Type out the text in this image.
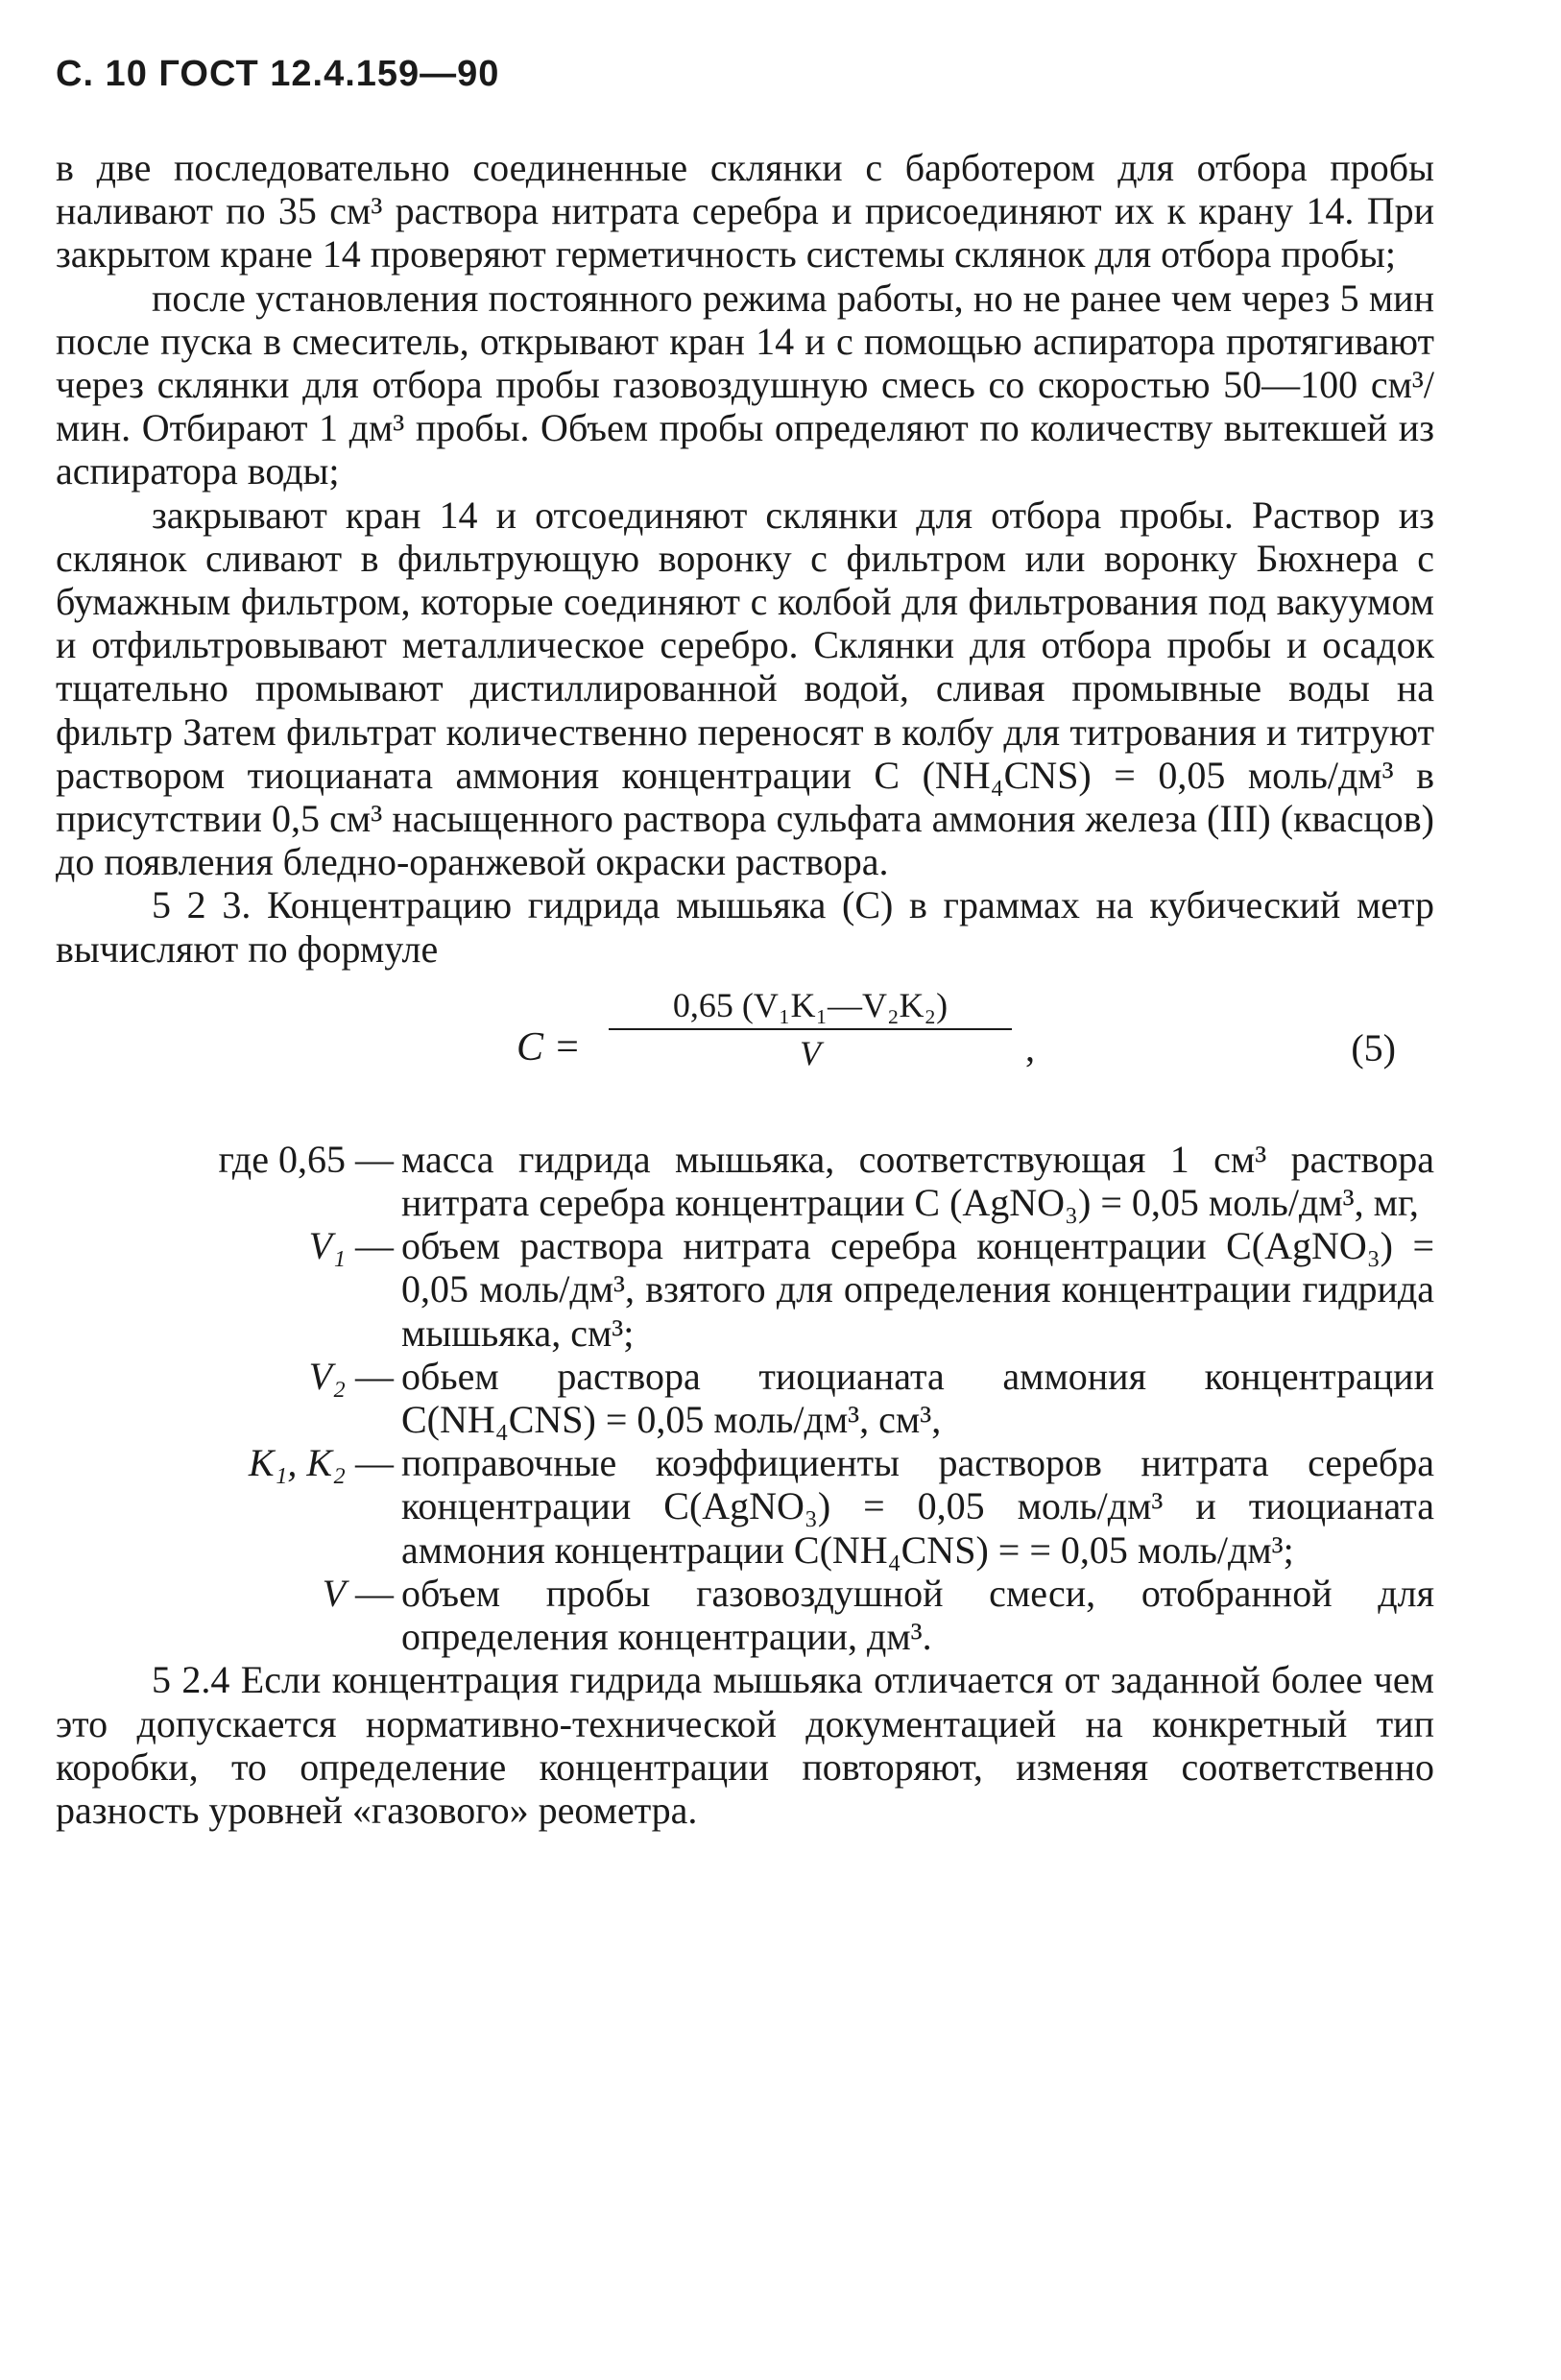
С. 10 ГОСТ 12.4.159—90

в две последовательно соединенные склянки с барботером для отбора пробы наливают по 35 см³ раствора нитрата серебра и присоединяют их к крану 14. При закрытом кране 14 проверяют герметичность системы склянок для отбора пробы;

после установления постоянного режима работы, но не ранее чем через 5 мин после пуска в смеситель, открывают кран 14 и с помощью аспиратора протягивают через склянки для отбора пробы газовоздушную смесь со скоростью 50—100 см³/мин. Отбирают 1 дм³ пробы. Объем пробы определяют по количеству вытекшей из аспиратора воды;

закрывают кран 14 и отсоединяют склянки для отбора пробы. Раствор из склянок сливают в фильтрующую воронку с фильтром или воронку Бюхнера с бумажным фильтром, которые соединяют с колбой для фильтрования под вакуумом и отфильтровывают металлическое серебро. Склянки для отбора пробы и осадок тщательно промывают дистиллированной водой, сливая промывные воды на фильтр Затем фильтрат количественно переносят в колбу для титрования и титруют раствором тиоцианата аммония концентрации C (NH₄CNS) = 0,05 моль/дм³ в присутствии 0,5 см³ насыщенного раствора сульфата аммония железа (III) (квасцов) до появления бледно-оранжевой окраски раствора.

5 2 3. Концентрацию гидрида мышьяка (C) в граммах на кубический метр вычисляют по формуле

C =
0,65 (V₁K₁—V₂K₂)
V	,	(5)
где 0,65 — масса гидрида мышьяка, соответствующая 1 см³ раствора нитрата серебра концентрации C (AgNO₃) = 0,05 моль/дм³, мг,
V₁ — объем раствора нитрата серебра концентрации C(AgNO₃) = 0,05 моль/дм³, взятого для определения концентрации гидрида мышьяка, см³;
V₂ — обьем раствора тиоцианата аммония концентрации C(NH₄CNS) = 0,05 моль/дм³, см³,
K₁, K₂ — поправочные коэффициенты растворов нитрата серебра концентрации C(AgNO₃) = 0,05 моль/дм³ и тиоцианата аммония концентрации C(NH₄CNS) = = 0,05 моль/дм³;
V — объем пробы газовоздушной смеси, отобранной для определения концентрации, дм³.

5 2.4 Если концентрация гидрида мышьяка отличается от заданной более чем это допускается нормативно-технической документацией на конкретный тип коробки, то определение концентрации повторяют, изменяя соответственно разность уровней «газового» реометра.
